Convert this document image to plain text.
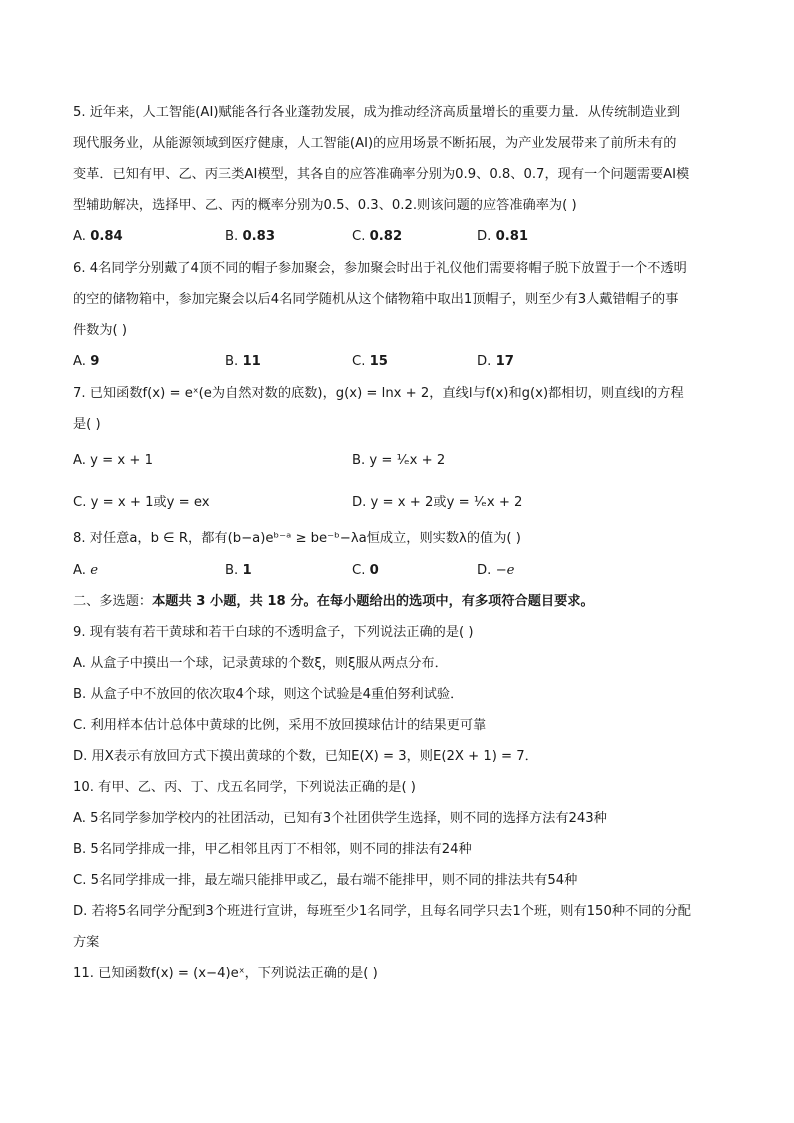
5. 近年来，人工智能(AI)赋能各行各业蓬勃发展，成为推动经济高质量增长的重要力量．从传统制造业到
现代服务业，从能源领域到医疗健康，人工智能(AI)的应用场景不断拓展，为产业发展带来了前所未有的
变革．已知有甲、乙、丙三类AI模型，其各自的应答准确率分别为0.9、0.8、0.7，现有一个问题需要AI模
型辅助解决，选择甲、乙、丙的概率分别为0.5、0.3、0.2.则该问题的应答准确率为( )
A. 0.84	B. 0.83	C. 0.82	D. 0.81
6. 4名同学分别戴了4顶不同的帽子参加聚会，参加聚会时出于礼仪他们需要将帽子脱下放置于一个不透明
的空的储物箱中，参加完聚会以后4名同学随机从这个储物箱中取出1顶帽子，则至少有3人戴错帽子的事
件数为( )
A. 9	B. 11	C. 15	D. 17
7. 已知函数f(x) = eˣ(e为自然对数的底数)，g(x) = lnx + 2，直线l与f(x)和g(x)都相切，则直线l的方程
是( )
A. y = x + 1	B. y = ¹⁄ₑx + 2
C. y = x + 1或y = ex	D. y = x + 2或y = ¹⁄ₑx + 2
8. 对任意a，b ∈ R，都有(b−a)eᵇ⁻ᵃ ≥ be⁻ᵇ−λa恒成立，则实数λ的值为( )
A. e	B. 1	C. 0	D. −e
二、多选题：本题共 3 小题，共 18 分。在每小题给出的选项中，有多项符合题目要求。
9. 现有装有若干黄球和若干白球的不透明盒子，下列说法正确的是( )
A. 从盒子中摸出一个球，记录黄球的个数ξ，则ξ服从两点分布．
B. 从盒子中不放回的依次取4个球，则这个试验是4重伯努利试验．
C. 利用样本估计总体中黄球的比例，采用不放回摸球估计的结果更可靠
D. 用X表示有放回方式下摸出黄球的个数，已知E(X) = 3，则E(2X + 1) = 7．
10. 有甲、乙、丙、丁、戊五名同学，下列说法正确的是( )
A. 5名同学参加学校内的社团活动，已知有3个社团供学生选择，则不同的选择方法有243种
B. 5名同学排成一排，甲乙相邻且丙丁不相邻，则不同的排法有24种
C. 5名同学排成一排，最左端只能排甲或乙，最右端不能排甲，则不同的排法共有54种
D. 若将5名同学分配到3个班进行宣讲，每班至少1名同学，且每名同学只去1个班，则有150种不同的分配
方案
11. 已知函数f(x) = (x−4)eˣ，下列说法正确的是( )
